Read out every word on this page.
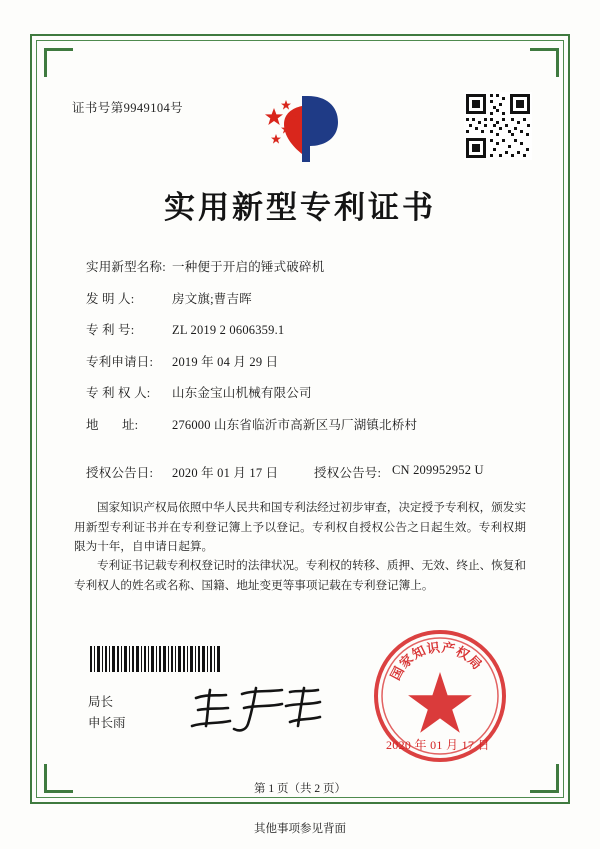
证书号第9949104号
实用新型专利证书
实用新型名称: 一种便于开启的锤式破碎机
发 明 人:	房文旗;曹吉晖
专 利 号:	ZL 2019 2 0606359.1
专利申请日:	2019 年 04 月 29 日
专 利 权 人:	山东金宝山机械有限公司
地       址:	276000 山东省临沂市高新区马厂湖镇北桥村
授权公告日:	2020 年 01 月 17 日	授权公告号: CN 209952952 U
国家知识产权局依照中华人民共和国专利法经过初步审查，决定授予专利权，颁发实用新型专利证书并在专利登记簿上予以登记。专利权自授权公告之日起生效。专利权期限为十年，自申请日起算。
专利证书记载专利权登记时的法律状况。专利权的转移、质押、无效、终止、恢复和专利权人的姓名或名称、国籍、地址变更等事项记载在专利登记簿上。
局长
申长雨
国
家
知
识 产
权
局
2020 年 01 月 17 日
第 1 页（共 2 页）
其他事项参见背面
